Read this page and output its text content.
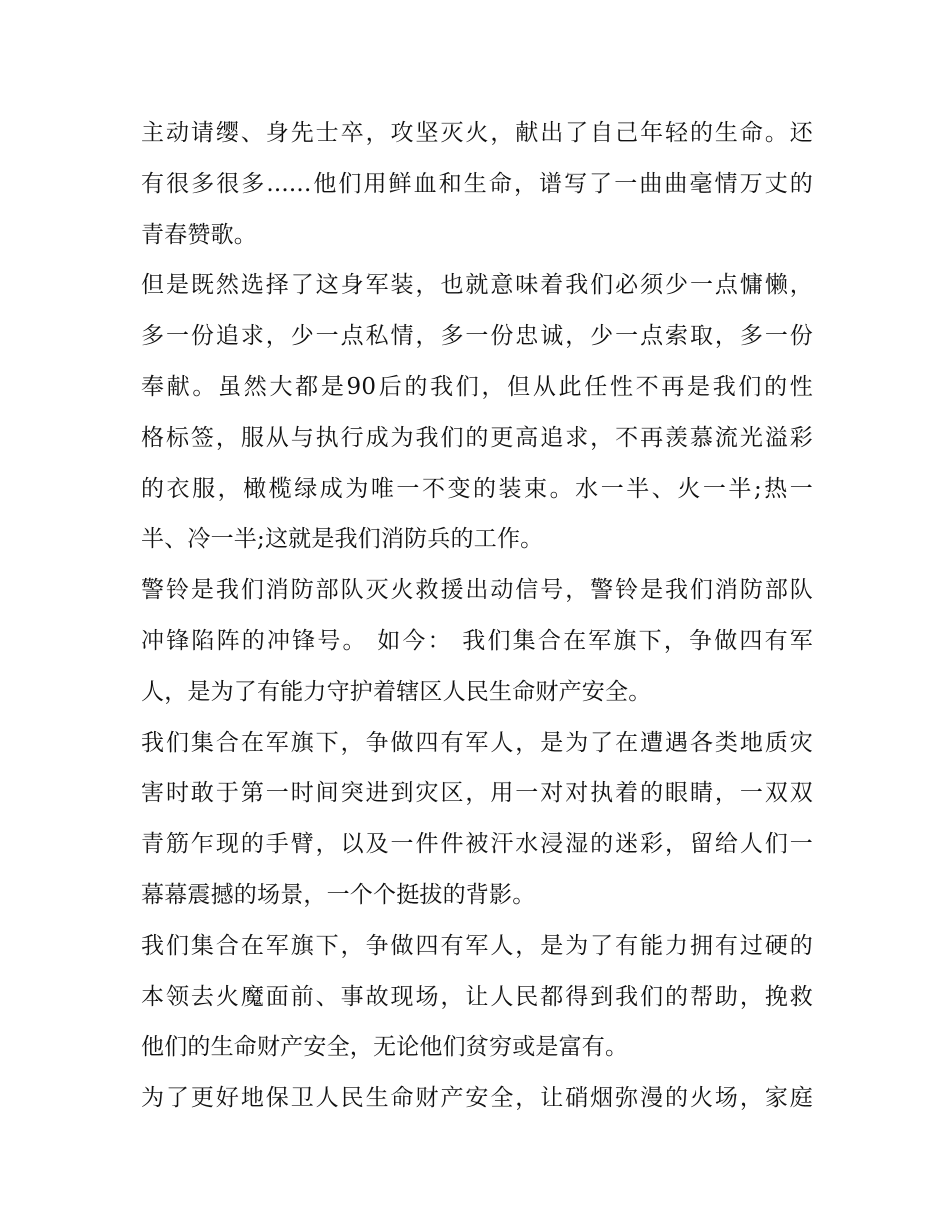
主动请缨、身先士卒，攻坚灭火，献出了自己年轻的生命。还
有很多很多......他们用鲜血和生命，谱写了一曲曲毫情万丈的
青春赞歌。
但是既然选择了这身军装，也就意味着我们必须少一点慵懒，
多一份追求，少一点私情，多一份忠诚，少一点索取，多一份
奉献。虽然大都是90后的我们，但从此任性不再是我们的性
格标签，服从与执行成为我们的更高追求，不再羡慕流光溢彩
的衣服，橄榄绿成为唯一不变的装束。水一半、火一半;热一
半、冷一半;这就是我们消防兵的工作。
警铃是我们消防部队灭火救援出动信号，警铃是我们消防部队
冲锋陷阵的冲锋号。 如今： 我们集合在军旗下，争做四有军
人，是为了有能力守护着辖区人民生命财产安全。
我们集合在军旗下，争做四有军人，是为了在遭遇各类地质灾
害时敢于第一时间突进到灾区，用一对对执着的眼睛，一双双
青筋乍现的手臂，以及一件件被汗水浸湿的迷彩，留给人们一
幕幕震撼的场景，一个个挺拔的背影。
我们集合在军旗下，争做四有军人，是为了有能力拥有过硬的
本领去火魔面前、事故现场，让人民都得到我们的帮助，挽救
他们的生命财产安全，无论他们贫穷或是富有。
为了更好地保卫人民生命财产安全，让硝烟弥漫的火场，家庭
